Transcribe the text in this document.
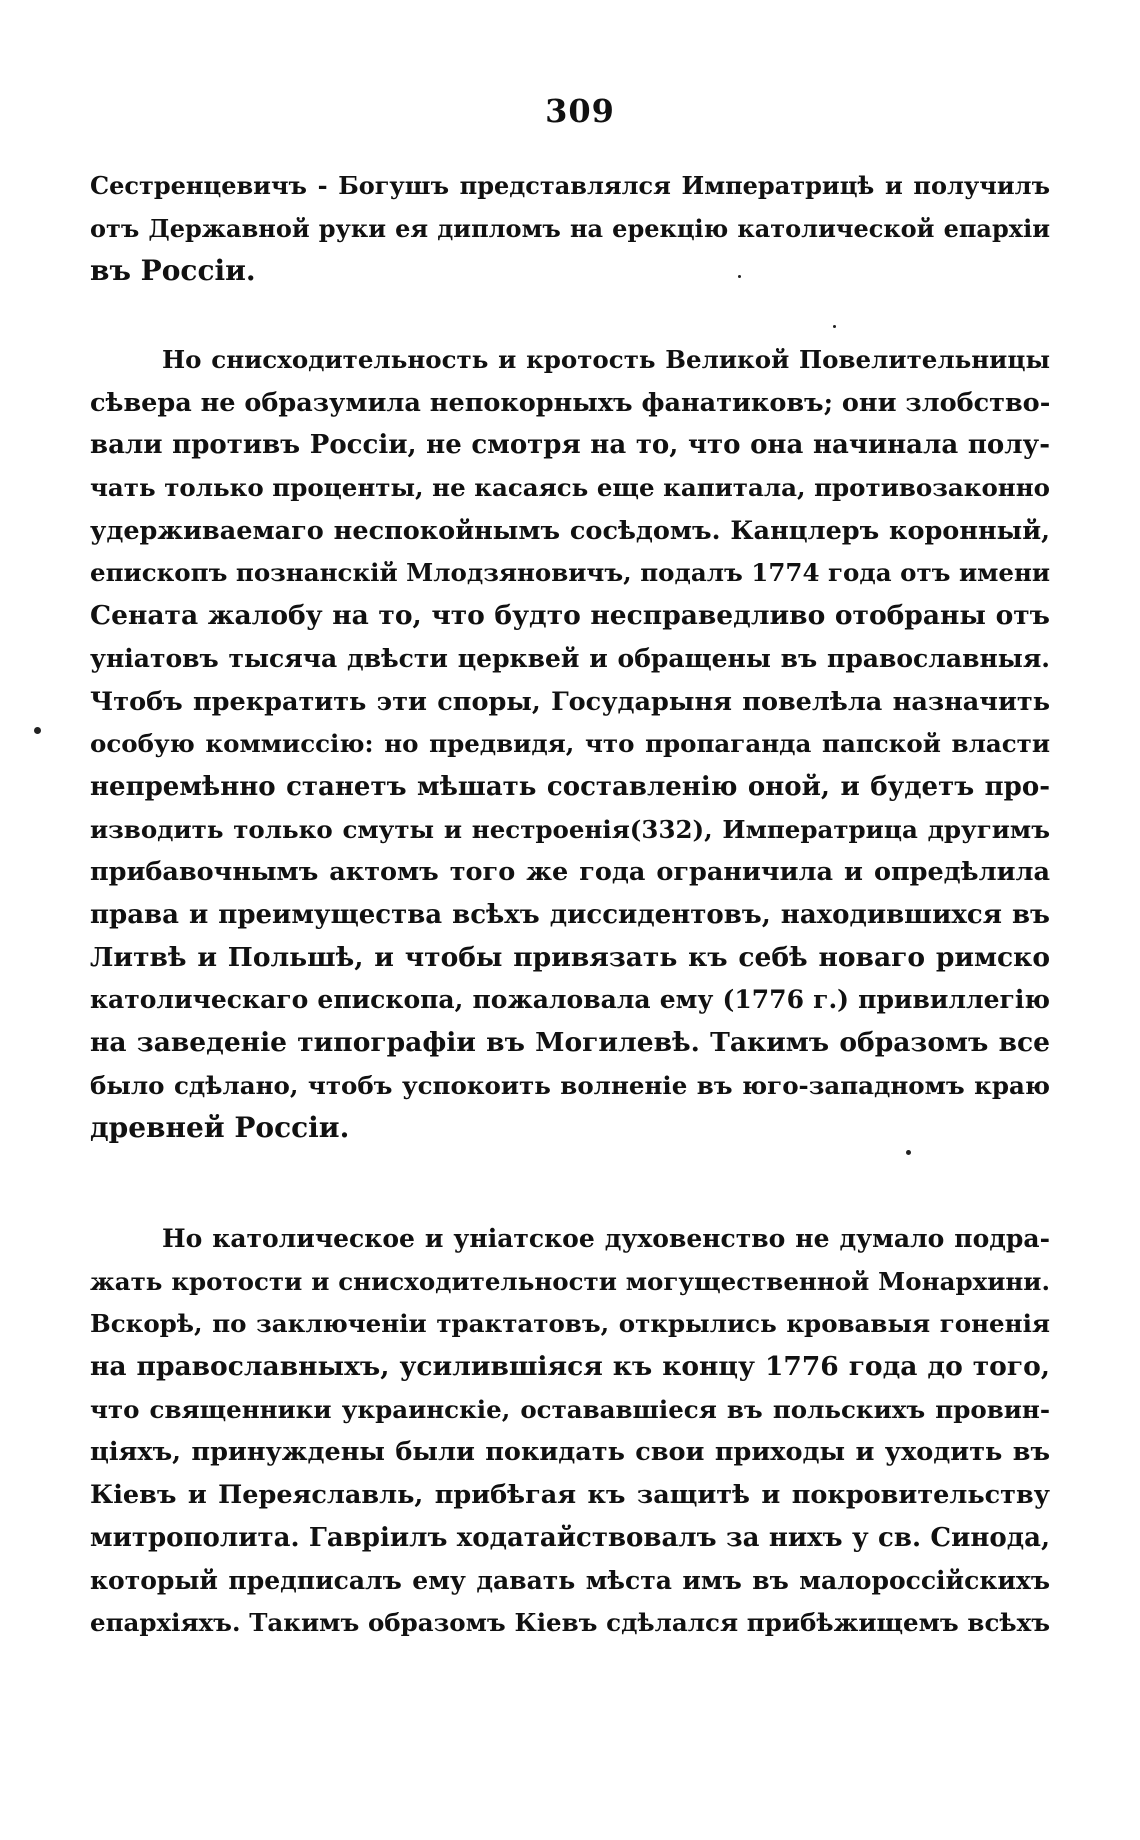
309
Сестренцевичъ - Богушъ представлялся Императрицѣ и получилъ
отъ Державной руки ея дипломъ на ерекцію католической епархіи
въ Россіи.
Но снисходительность и кротость Великой Повелительницы
сѣвера не образумила непокорныхъ фанатиковъ; они злобство-
вали противъ Россіи, не смотря на то, что она начинала полу-
чать только проценты, не касаясь еще капитала, противозаконно
удерживаемаго неспокойнымъ сосѣдомъ. Канцлеръ коронный,
епископъ познанскій Млодзяновичъ, подалъ 1774 года отъ имени
Сената жалобу на то, что будто несправедливо отобраны отъ
уніатовъ тысяча двѣсти церквей и обращены въ православныя.
Чтобъ прекратить эти споры, Государыня повелѣла назначить
особую коммиссію: но предвидя, что пропаганда папской власти
непремѣнно станетъ мѣшать составленію оной, и будетъ про-
изводить только смуты и нестроенія(332), Императрица другимъ
прибавочнымъ актомъ того же года ограничила и опредѣлила
права и преимущества всѣхъ диссидентовъ, находившихся въ
Литвѣ и Польшѣ, и чтобы привязать къ себѣ новаго римско
католическаго епископа, пожаловала ему (1776 г.) привиллегію
на заведеніе типографіи въ Могилевѣ. Такимъ образомъ все
было сдѣлано, чтобъ успокоить волненіе въ юго-западномъ краю
древней Россіи.
Но католическое и уніатское духовенство не думало подра-
жать кротости и снисходительности могущественной Монархини.
Вскорѣ, по заключеніи трактатовъ, открылись кровавыя гоненія
на православныхъ, усилившіяся къ концу 1776 года до того,
что священники украинскіе, остававшіеся въ польскихъ провин-
ціяхъ, принуждены были покидать свои приходы и уходить въ
Кіевъ и Переяславль, прибѣгая къ защитѣ и покровительству
митрополита. Гавріилъ ходатайствовалъ за нихъ у св. Синода,
который предписалъ ему давать мѣста имъ въ малороссійскихъ
епархіяхъ. Такимъ образомъ Кіевъ сдѣлался прибѣжищемъ всѣхъ
